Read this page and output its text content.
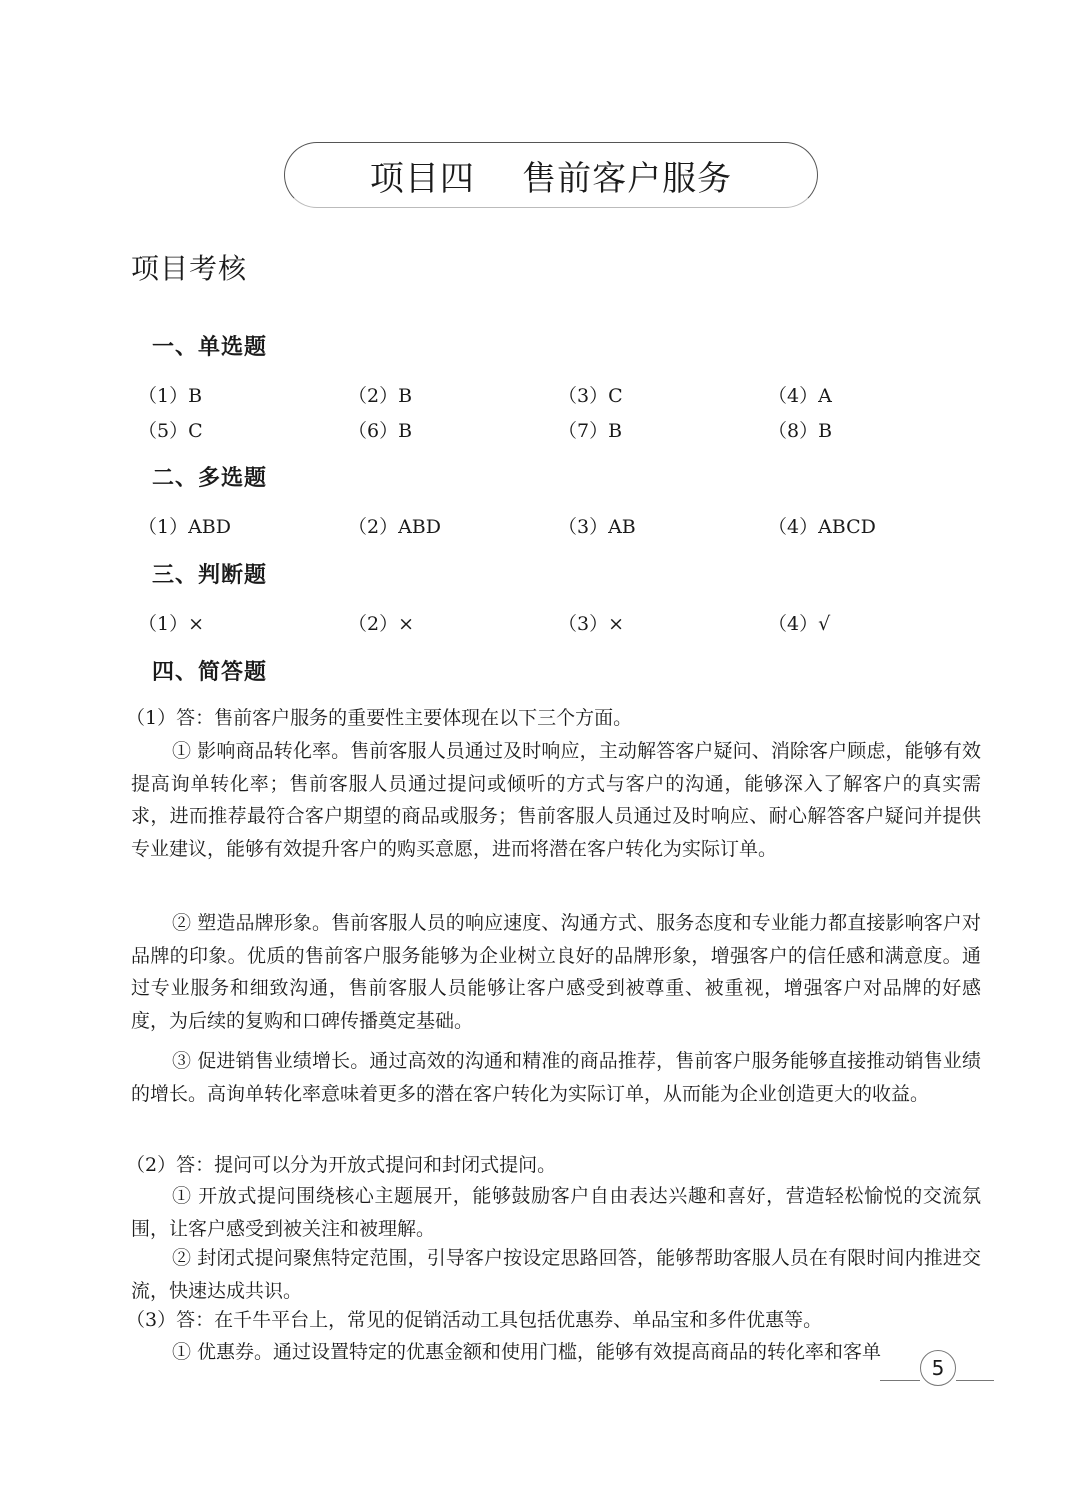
项目四    售前客户服务
项目考核
一、单选题
（1）B	（2）B	（3）C	（4）A
（5）C	（6）B	（7）B	（8）B
二、多选题
（1）ABD	（2）ABD	（3）AB	（4）ABCD
三、判断题
（1）×	（2）×	（3）×	（4）√
四、简答题
（1）答：售前客户服务的重要性主要体现在以下三个方面。
① 影响商品转化率。售前客服人员通过及时响应，主动解答客户疑问、消除客户顾虑，能够有效提高询单转化率；售前客服人员通过提问或倾听的方式与客户的沟通，能够深入了解客户的真实需求，进而推荐最符合客户期望的商品或服务；售前客服人员通过及时响应、耐心解答客户疑问并提供专业建议，能够有效提升客户的购买意愿，进而将潜在客户转化为实际订单。
② 塑造品牌形象。售前客服人员的响应速度、沟通方式、服务态度和专业能力都直接影响客户对品牌的印象。优质的售前客户服务能够为企业树立良好的品牌形象，增强客户的信任感和满意度。通过专业服务和细致沟通，售前客服人员能够让客户感受到被尊重、被重视，增强客户对品牌的好感度，为后续的复购和口碑传播奠定基础。
③ 促进销售业绩增长。通过高效的沟通和精准的商品推荐，售前客户服务能够直接推动销售业绩的增长。高询单转化率意味着更多的潜在客户转化为实际订单，从而能为企业创造更大的收益。
（2）答：提问可以分为开放式提问和封闭式提问。
① 开放式提问围绕核心主题展开，能够鼓励客户自由表达兴趣和喜好，营造轻松愉悦的交流氛围，让客户感受到被关注和被理解。
② 封闭式提问聚焦特定范围，引导客户按设定思路回答，能够帮助客服人员在有限时间内推进交流，快速达成共识。
（3）答：在千牛平台上，常见的促销活动工具包括优惠券、单品宝和多件优惠等。
① 优惠券。通过设置特定的优惠金额和使用门槛，能够有效提高商品的转化率和客单
5
